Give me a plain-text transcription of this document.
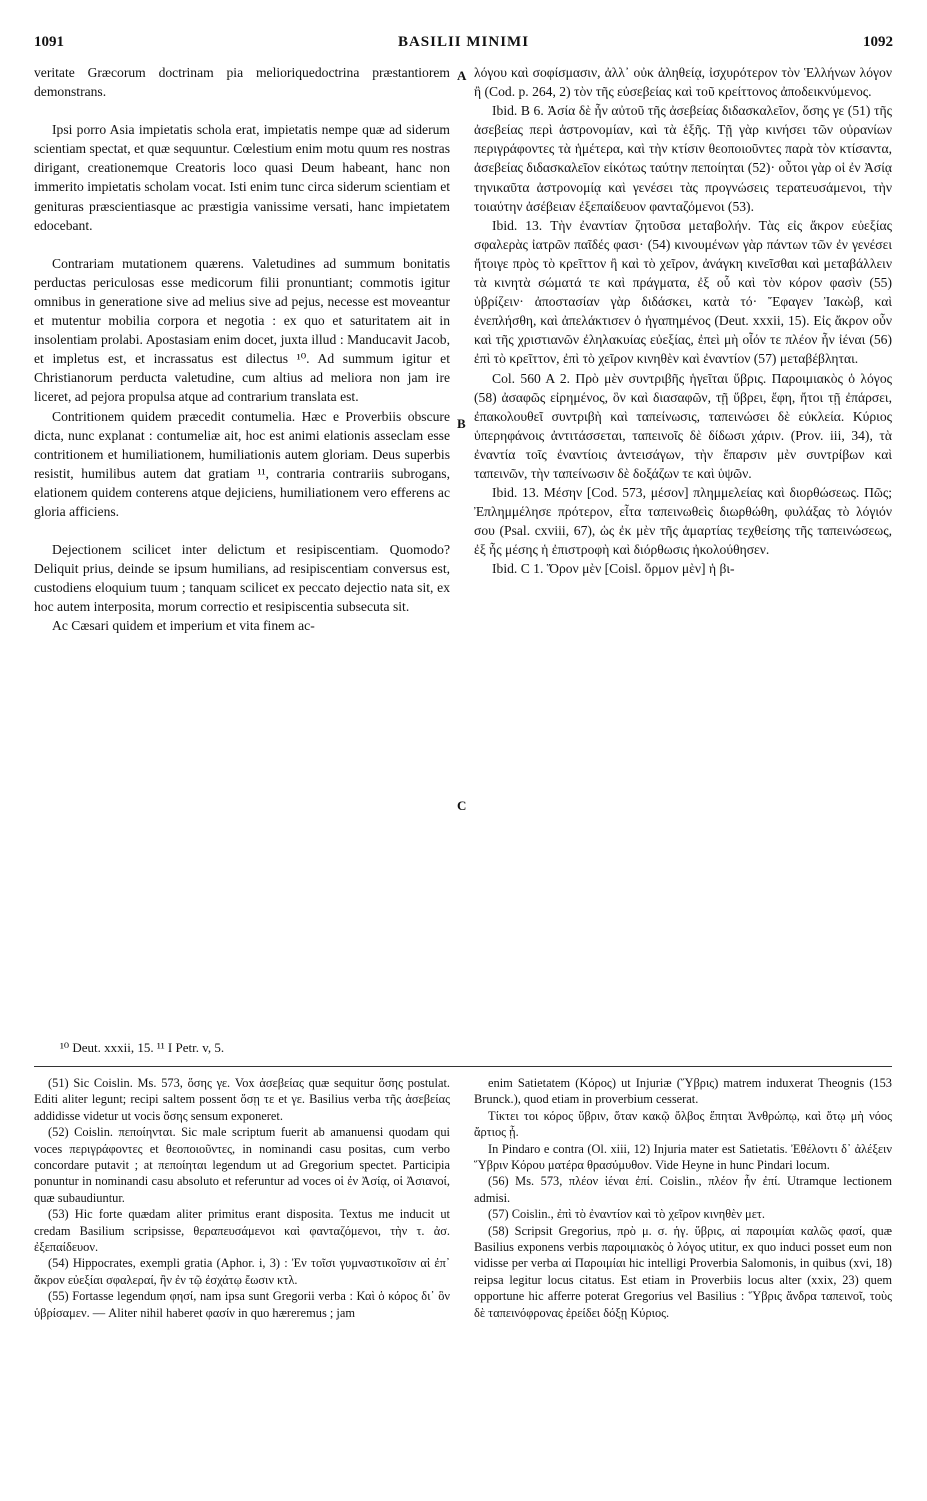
1091	BASILII MINIMI	1092

veritate Græcorum doctrinam pia melioriquedoctrina præstantiorem demonstrans.

Ipsi porro Asia impietatis schola erat, impietatis nempe quæ ad siderum scientiam spectat, et quæ sequuntur. Cœlestium enim motu quum res nostras dirigant, creationemque Creatoris loco quasi Deum habeant, hanc non immerito impietatis scholam vocat. Isti enim tunc circa siderum scientiam et genituras præscientiasque ac præstigia vanissime versati, hanc impietatem edocebant.

Contrariam mutationem quærens. Valetudines ad summum bonitatis perductas periculosas esse medicorum filii pronuntiant; commotis igitur omnibus in generatione sive ad melius sive ad pejus, necesse est moveantur et mutentur mobilia corpora et negotia : ex quo et saturitatem ait in insolentiam prolabi. Apostasiam enim docet, juxta illud : Manducavit Jacob, et impletus est, et incrassatus est dilectus ¹⁰. Ad summum igitur et Christianorum perducta valetudine, cum altius ad meliora non jam ire liceret, ad pejora propulsa atque ad contrarium translata est.

Contritionem quidem præcedit contumelia. Hæc e Proverbiis obscure dicta, nunc explanat : contumeliæ ait, hoc est animi elationis asseclam esse contritionem et humiliationem, humiliationis autem gloriam. Deus superbis resistit, humilibus autem dat gratiam ¹¹, contraria contrariis subrogans, elationem quidem conterens atque dejiciens, humiliationem vero efferens ac gloria afficiens.

Dejectionem scilicet inter delictum et resipiscentiam. Quomodo? Deliquit prius, deinde se ipsum humilians, ad resipiscentiam conversus est, custodiens eloquium tuum ; tanquam scilicet ex peccato dejectio nata sit, ex hoc autem interposita, morum correctio et resipiscentia subsecuta sit.

Ac Cæsari quidem et imperium et vita finem ac-

A
B
C

λόγου καὶ σοφίσμασιν, ἀλλ᾿ οὐκ ἀληθείᾳ, ἰσχυρότερον τὸν Ἑλλήνων λόγον ἢ (Cod. p. 264, 2) τὸν τῆς εὐσεβείας καὶ τοῦ κρείττονος ἀποδεικνύμενος.

Ibid. B 6. Ἀσία δὲ ἦν αὐτοῦ τῆς ἀσεβείας διδασκαλεῖον, ὅσης γε (51) τῆς ἀσεβείας περὶ ἀστρονομίαν, καὶ τὰ ἑξῆς. Τῇ γὰρ κινήσει τῶν οὐρανίων περιγράφοντες τὰ ἡμέτερα, καὶ τὴν κτίσιν θεοποιοῦντες παρὰ τὸν κτίσαντα, ἀσεβείας διδασκαλεῖον εἰκότως ταύτην πεποίηται (52)· οὗτοι γὰρ οἱ ἐν Ἀσίᾳ τηνικαῦτα ἀστρονομίᾳ καὶ γενέσει τὰς προγνώσεις τερατευσάμενοι, τὴν τοιαύτην ἀσέβειαν ἐξεπαίδευον φανταζόμενοι (53).

Ibid. 13. Τὴν ἐναντίαν ζητοῦσα μεταβολήν. Τὰς εἰς ἄκρον εὐεξίας σφαλερὰς ἰατρῶν παῖδές φασι· (54) κινουμένων γὰρ πάντων τῶν ἐν γενέσει ἤτοιγε πρὸς τὸ κρεῖττον ἢ καὶ τὸ χεῖρον, ἀνάγκη κινεῖσθαι καὶ μεταβάλλειν τὰ κινητὰ σώματά τε καὶ πράγματα, ἐξ οὗ καὶ τὸν κόρον φασὶν (55) ὑβρίζειν· ἀποστασίαν γὰρ διδάσκει, κατὰ τό· Ἔφαγεν Ἰακὼβ, καὶ ἐνεπλήσθη, καὶ ἀπελάκτισεν ὁ ἠγαπημένος (Deut. xxxii, 15). Εἰς ἄκρον οὖν καὶ τῆς χριστιανῶν ἐληλακυίας εὐεξίας, ἐπεὶ μὴ οἷόν τε πλέον ἦν ἰέναι (56) ἐπὶ τὸ κρεῖττον, ἐπὶ τὸ χεῖρον κινηθὲν καὶ ἐναντίον (57) μεταβέβληται.

Col. 560 A 2. Πρὸ μὲν συντριβῆς ἡγεῖται ὕβρις. Παροιμιακὸς ὁ λόγος (58) ἀσαφῶς εἰρημένος, ὃν καὶ διασαφῶν, τῇ ὕβρει, ἔφη, ἤτοι τῇ ἐπάρσει, ἐπακολουθεῖ συντριβὴ καὶ ταπείνωσις, ταπεινώσει δὲ εὐκλεία. Κύριος ὑπερηφάνοις ἀντιτάσσεται, ταπεινοῖς δὲ δίδωσι χάριν. (Prov. iii, 34), τὰ ἐναντία τοῖς ἐναντίοις ἀντεισάγων, τὴν ἔπαρσιν μὲν συντρίβων καὶ ταπεινῶν, τὴν ταπείνωσιν δὲ δοξάζων τε καὶ ὑψῶν.

Ibid. 13. Μέσην [Cod. 573, μέσον] πλημμελείας καὶ διορθώσεως. Πῶς; Ἐπλημμέλησε πρότερον, εἶτα ταπεινωθεὶς διωρθώθη, φυλάξας τὸ λόγιόν σου (Psal. cxviii, 67), ὡς ἐκ μὲν τῆς ἁμαρτίας τεχθείσης τῆς ταπεινώσεως, ἐξ ἧς μέσης ἡ ἐπιστροφὴ καὶ διόρθωσις ἠκολούθησεν.

Ibid. C 1. Ὅρον μὲν [Coisl. ὅρμον μὲν] ἡ βι-

¹⁰ Deut. xxxii, 15. ¹¹ I Petr. v, 5.

(51) Sic Coislin. Ms. 573, ὅσης γε. Vox ἀσεβείας quæ sequitur ὅσης postulat. Editi aliter legunt; recipi saltem possent ὅσῃ τε et γε. Basilius verba τῆς ἀσεβείας addidisse videtur ut vocis ὅσης sensum exponeret.

(52) Coislin. πεποίηνται. Sic male scriptum fuerit ab amanuensi quodam qui voces περιγράφοντες et θεοποιοῦντες, in nominandi casu positas, cum verbo concordare putavit ; at πεποίηται legendum ut ad Gregorium spectet. Participia ponuntur in nominandi casu absoluto et referuntur ad voces οἱ ἐν Ἀσίᾳ, οἱ Ἀσιανοί, quæ subaudiuntur.

(53) Hic forte quædam aliter primitus erant disposita. Textus me inducit ut credam Basilium scripsisse, θεραπευσάμενοι καὶ φανταζόμενοι, τὴν τ. ἀσ. ἐξεπαίδευον.

(54) Hippocrates, exempli gratia (Aphor. i, 3) : Ἐν τοῖσι γυμναστικοῖσιν αἱ ἐπ᾿ ἄκρον εὐεξίαι σφαλεραί, ἢν ἐν τῷ ἐσχάτῳ ἔωσιν κτλ.

(55) Fortasse legendum φησί, nam ipsa sunt Gregorii verba : Καὶ ὁ κόρος δι᾿ ὃν ὑβρίσαμεν. — Aliter nihil haberet φασίν in quo hæreremus ; jam

enim Satietatem (Κόρος) ut Injuriæ (Ὕβρις) matrem induxerat Theognis (153 Brunck.), quod etiam in proverbium cesserat.

Τίκτει τοι κόρος ὕβριν, ὅταν κακῷ ὄλβος ἕπηται Ἀνθρώπῳ, καὶ ὅτῳ μὴ νόος ἄρτιος ᾖ.

In Pindaro e contra (Ol. xiii, 12) Injuria mater est Satietatis. Ἐθέλοντι δ᾿ ἀλέξειν Ὕβριν Κόρου ματέρα θρασύμυθον. Vide Heyne in hunc Pindari locum.

(56) Ms. 573, πλέον ἰέναι ἐπί. Coislin., πλέον ἦν ἐπί. Utramque lectionem admisi.

(57) Coislin., ἐπὶ τὸ ἐναντίον καὶ τὸ χεῖρον κινηθὲν μετ.

(58) Scripsit Gregorius, πρὸ μ. σ. ἡγ. ὕβρις, αἱ παροιμίαι καλῶς φασί, quæ Basilius exponens verbis παροιμιακὸς ὁ λόγος utitur, ex quo induci posset eum non vidisse per verba αἱ Παροιμίαι hic intelligi Proverbia Salomonis, in quibus (xvi, 18) reipsa legitur locus citatus. Est etiam in Proverbiis locus alter (xxix, 23) quem opportune hic afferre poterat Gregorius vel Basilius : Ὕβρις ἄνδρα ταπεινοῖ, τοὺς δὲ ταπεινόφρονας ἐρείδει δόξῃ Κύριος.
